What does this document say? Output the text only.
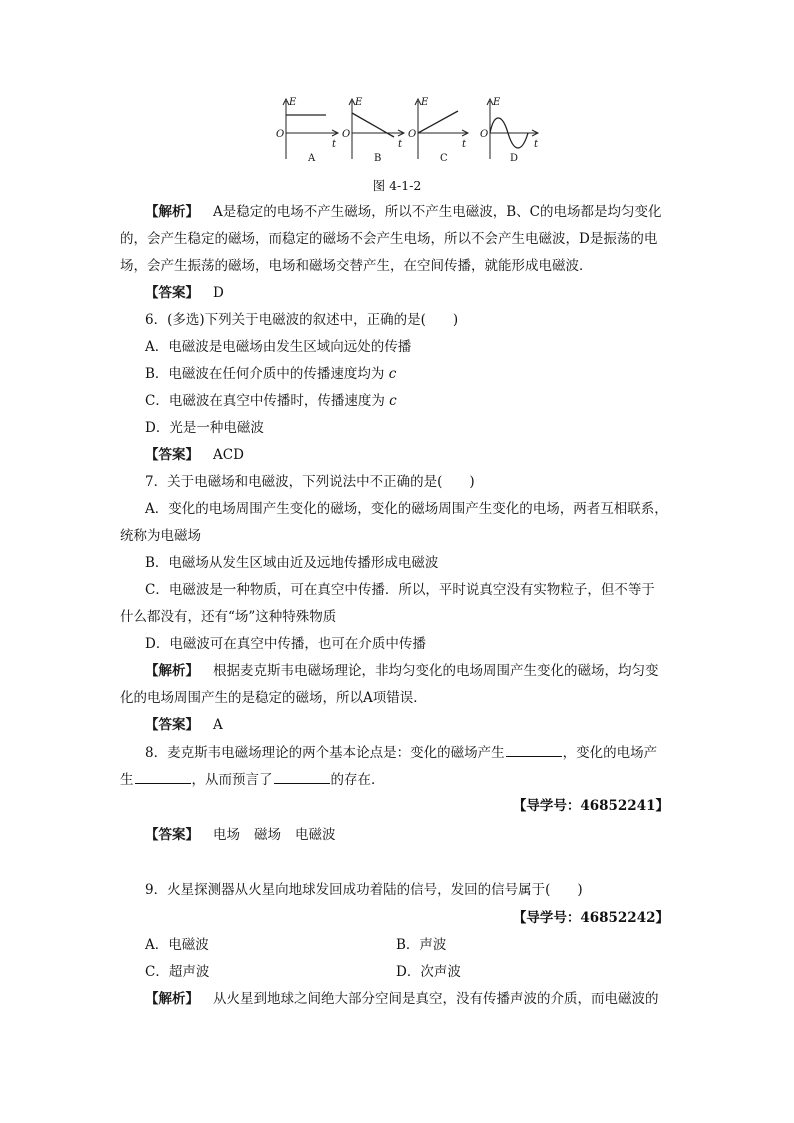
E
O
t
E
O
t
E
O
t
E
O
t
A	B	C	D
图 4-1-2
【解析】 A是稳定的电场不产生磁场，所以不产生电磁波，B、C的电场都是均匀变化
的，会产生稳定的磁场，而稳定的磁场不会产生电场，所以不会产生电磁波，D是振荡的电
场，会产生振荡的磁场，电场和磁场交替产生，在空间传播，就能形成电磁波．
【答案】 D
6．(多选)下列关于电磁波的叙述中，正确的是(　　)
A．电磁波是电磁场由发生区域向远处的传播
B．电磁波在任何介质中的传播速度均为 c
C．电磁波在真空中传播时，传播速度为 c
D．光是一种电磁波
【答案】 ACD
7．关于电磁场和电磁波，下列说法中不正确的是(　　)
A．变化的电场周围产生变化的磁场，变化的磁场周围产生变化的电场，两者互相联系，
统称为电磁场
B．电磁场从发生区域由近及远地传播形成电磁波
C．电磁波是一种物质，可在真空中传播．所以，平时说真空没有实物粒子，但不等于
什么都没有，还有“场”这种特殊物质
D．电磁波可在真空中传播，也可在介质中传播
【解析】 根据麦克斯韦电磁场理论，非均匀变化的电场周围产生变化的磁场，均匀变
化的电场周围产生的是稳定的磁场，所以A项错误．
【答案】 A
8．麦克斯韦电磁场理论的两个基本论点是：变化的磁场产生	，变化的电场产
生	，从而预言了	的存在．
【导学号：46852241】
【答案】 电场 磁场 电磁波
9．火星探测器从火星向地球发回成功着陆的信号，发回的信号属于(　　)
【导学号：46852242】
A．电磁波	B．声波
C．超声波	D．次声波
【解析】 从火星到地球之间绝大部分空间是真空，没有传播声波的介质，而电磁波的
